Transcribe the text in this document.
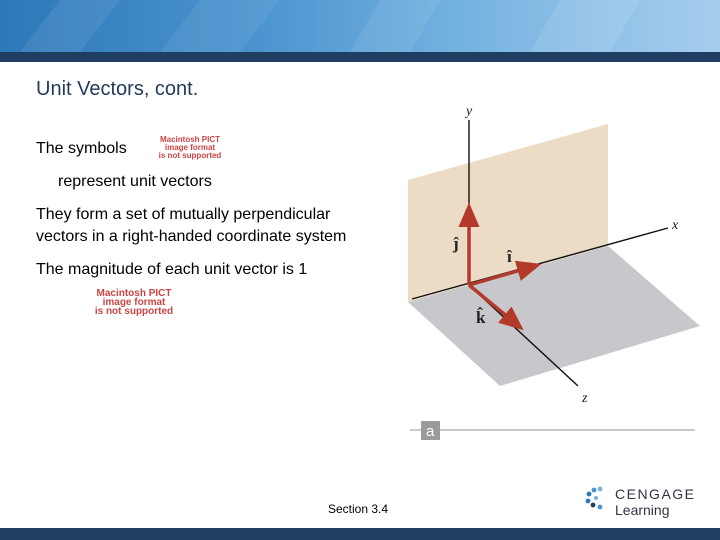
Unit Vectors, cont.
The symbols
Macintosh PICT
image format
is not supported
represent unit vectors
They form a set of mutually perpendicular
vectors in a right-handed coordinate system
The magnitude of each unit vector is 1
Macintosh PICT
image format
is not supported
y
x
z
ĵ
î
k̂
a
Section 3.4
CENGAGE
Learning
